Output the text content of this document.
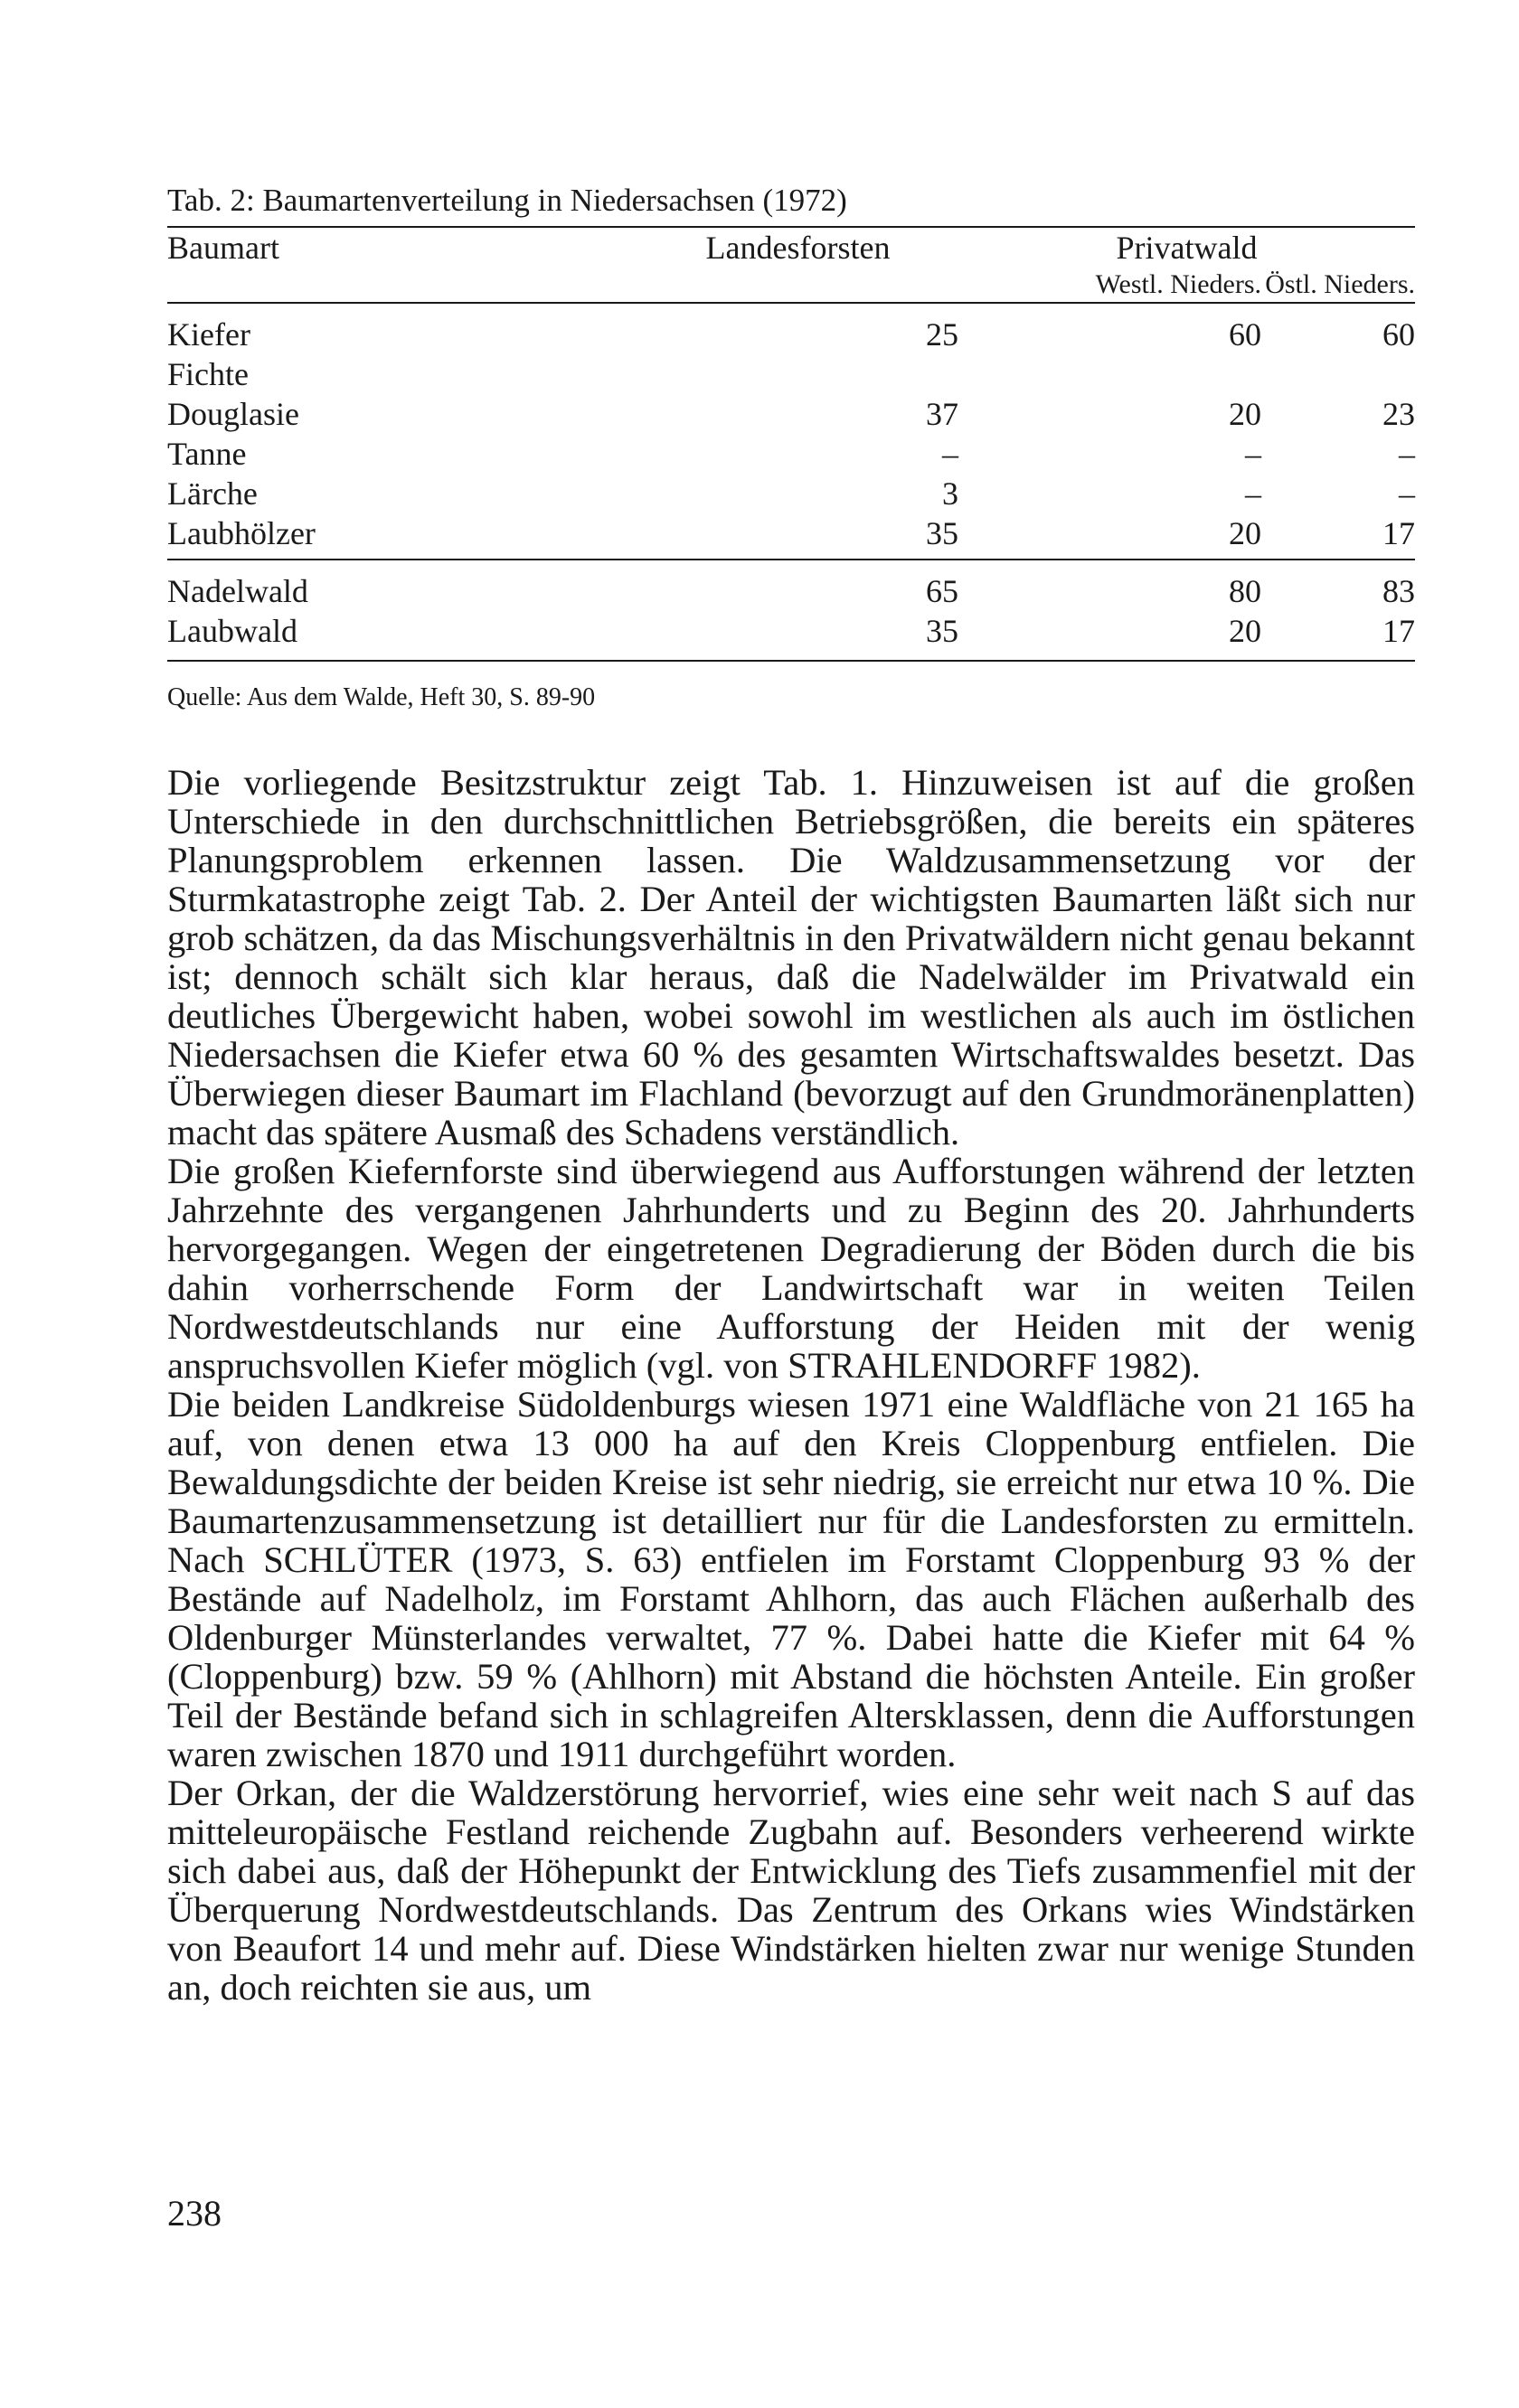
Tab. 2: Baumartenverteilung in Niedersachsen (1972)
Baumart	Landesforsten	Privatwald	
		Westl. Nieders.	Östl. Nieders.
Kiefer	25	60	60
Fichte			
Douglasie	37	20	23
Tanne	–	–	–
Lärche	3	–	–
Laubhölzer	35	20	17
Nadelwald	65	80	83
Laubwald	35	20	17
Quelle: Aus dem Walde, Heft 30, S. 89-90

Die vorliegende Besitzstruktur zeigt Tab. 1. Hinzuweisen ist auf die großen Unterschiede in den durchschnittlichen Betriebsgrößen, die bereits ein späteres Planungsproblem erkennen lassen. Die Waldzusammensetzung vor der Sturmkatastrophe zeigt Tab. 2. Der Anteil der wichtigsten Baumarten läßt sich nur grob schätzen, da das Mischungsverhältnis in den Privatwäldern nicht genau bekannt ist; dennoch schält sich klar heraus, daß die Nadelwälder im Privatwald ein deutliches Übergewicht haben, wobei sowohl im westlichen als auch im östlichen Niedersachsen die Kiefer etwa 60 % des gesamten Wirtschaftswaldes besetzt. Das Überwiegen dieser Baumart im Flachland (bevorzugt auf den Grundmoränenplatten) macht das spätere Ausmaß des Schadens verständlich.

Die großen Kiefernforste sind überwiegend aus Aufforstungen während der letzten Jahrzehnte des vergangenen Jahrhunderts und zu Beginn des 20. Jahrhunderts hervorgegangen. Wegen der eingetretenen Degradierung der Böden durch die bis dahin vorherrschende Form der Landwirtschaft war in weiten Teilen Nordwestdeutschlands nur eine Aufforstung der Heiden mit der wenig anspruchsvollen Kiefer möglich (vgl. von STRAHLENDORFF 1982).

Die beiden Landkreise Südoldenburgs wiesen 1971 eine Waldfläche von 21 165 ha auf, von denen etwa 13 000 ha auf den Kreis Cloppenburg entfielen. Die Bewaldungsdichte der beiden Kreise ist sehr niedrig, sie erreicht nur etwa 10 %. Die Baumartenzusammensetzung ist detailliert nur für die Landesforsten zu ermitteln. Nach SCHLÜTER (1973, S. 63) entfielen im Forstamt Cloppenburg 93 % der Bestände auf Nadelholz, im Forstamt Ahlhorn, das auch Flächen außerhalb des Oldenburger Münsterlandes verwaltet, 77 %. Dabei hatte die Kiefer mit 64 % (Cloppenburg) bzw. 59 % (Ahlhorn) mit Abstand die höchsten Anteile. Ein großer Teil der Bestände befand sich in schlagreifen Altersklassen, denn die Aufforstungen waren zwischen 1870 und 1911 durchgeführt worden.

Der Orkan, der die Waldzerstörung hervorrief, wies eine sehr weit nach S auf das mitteleuropäische Festland reichende Zugbahn auf. Besonders verheerend wirkte sich dabei aus, daß der Höhepunkt der Entwicklung des Tiefs zusammenfiel mit der Überquerung Nordwestdeutschlands. Das Zentrum des Orkans wies Windstärken von Beaufort 14 und mehr auf. Diese Windstärken hielten zwar nur wenige Stunden an, doch reichten sie aus, um

238
